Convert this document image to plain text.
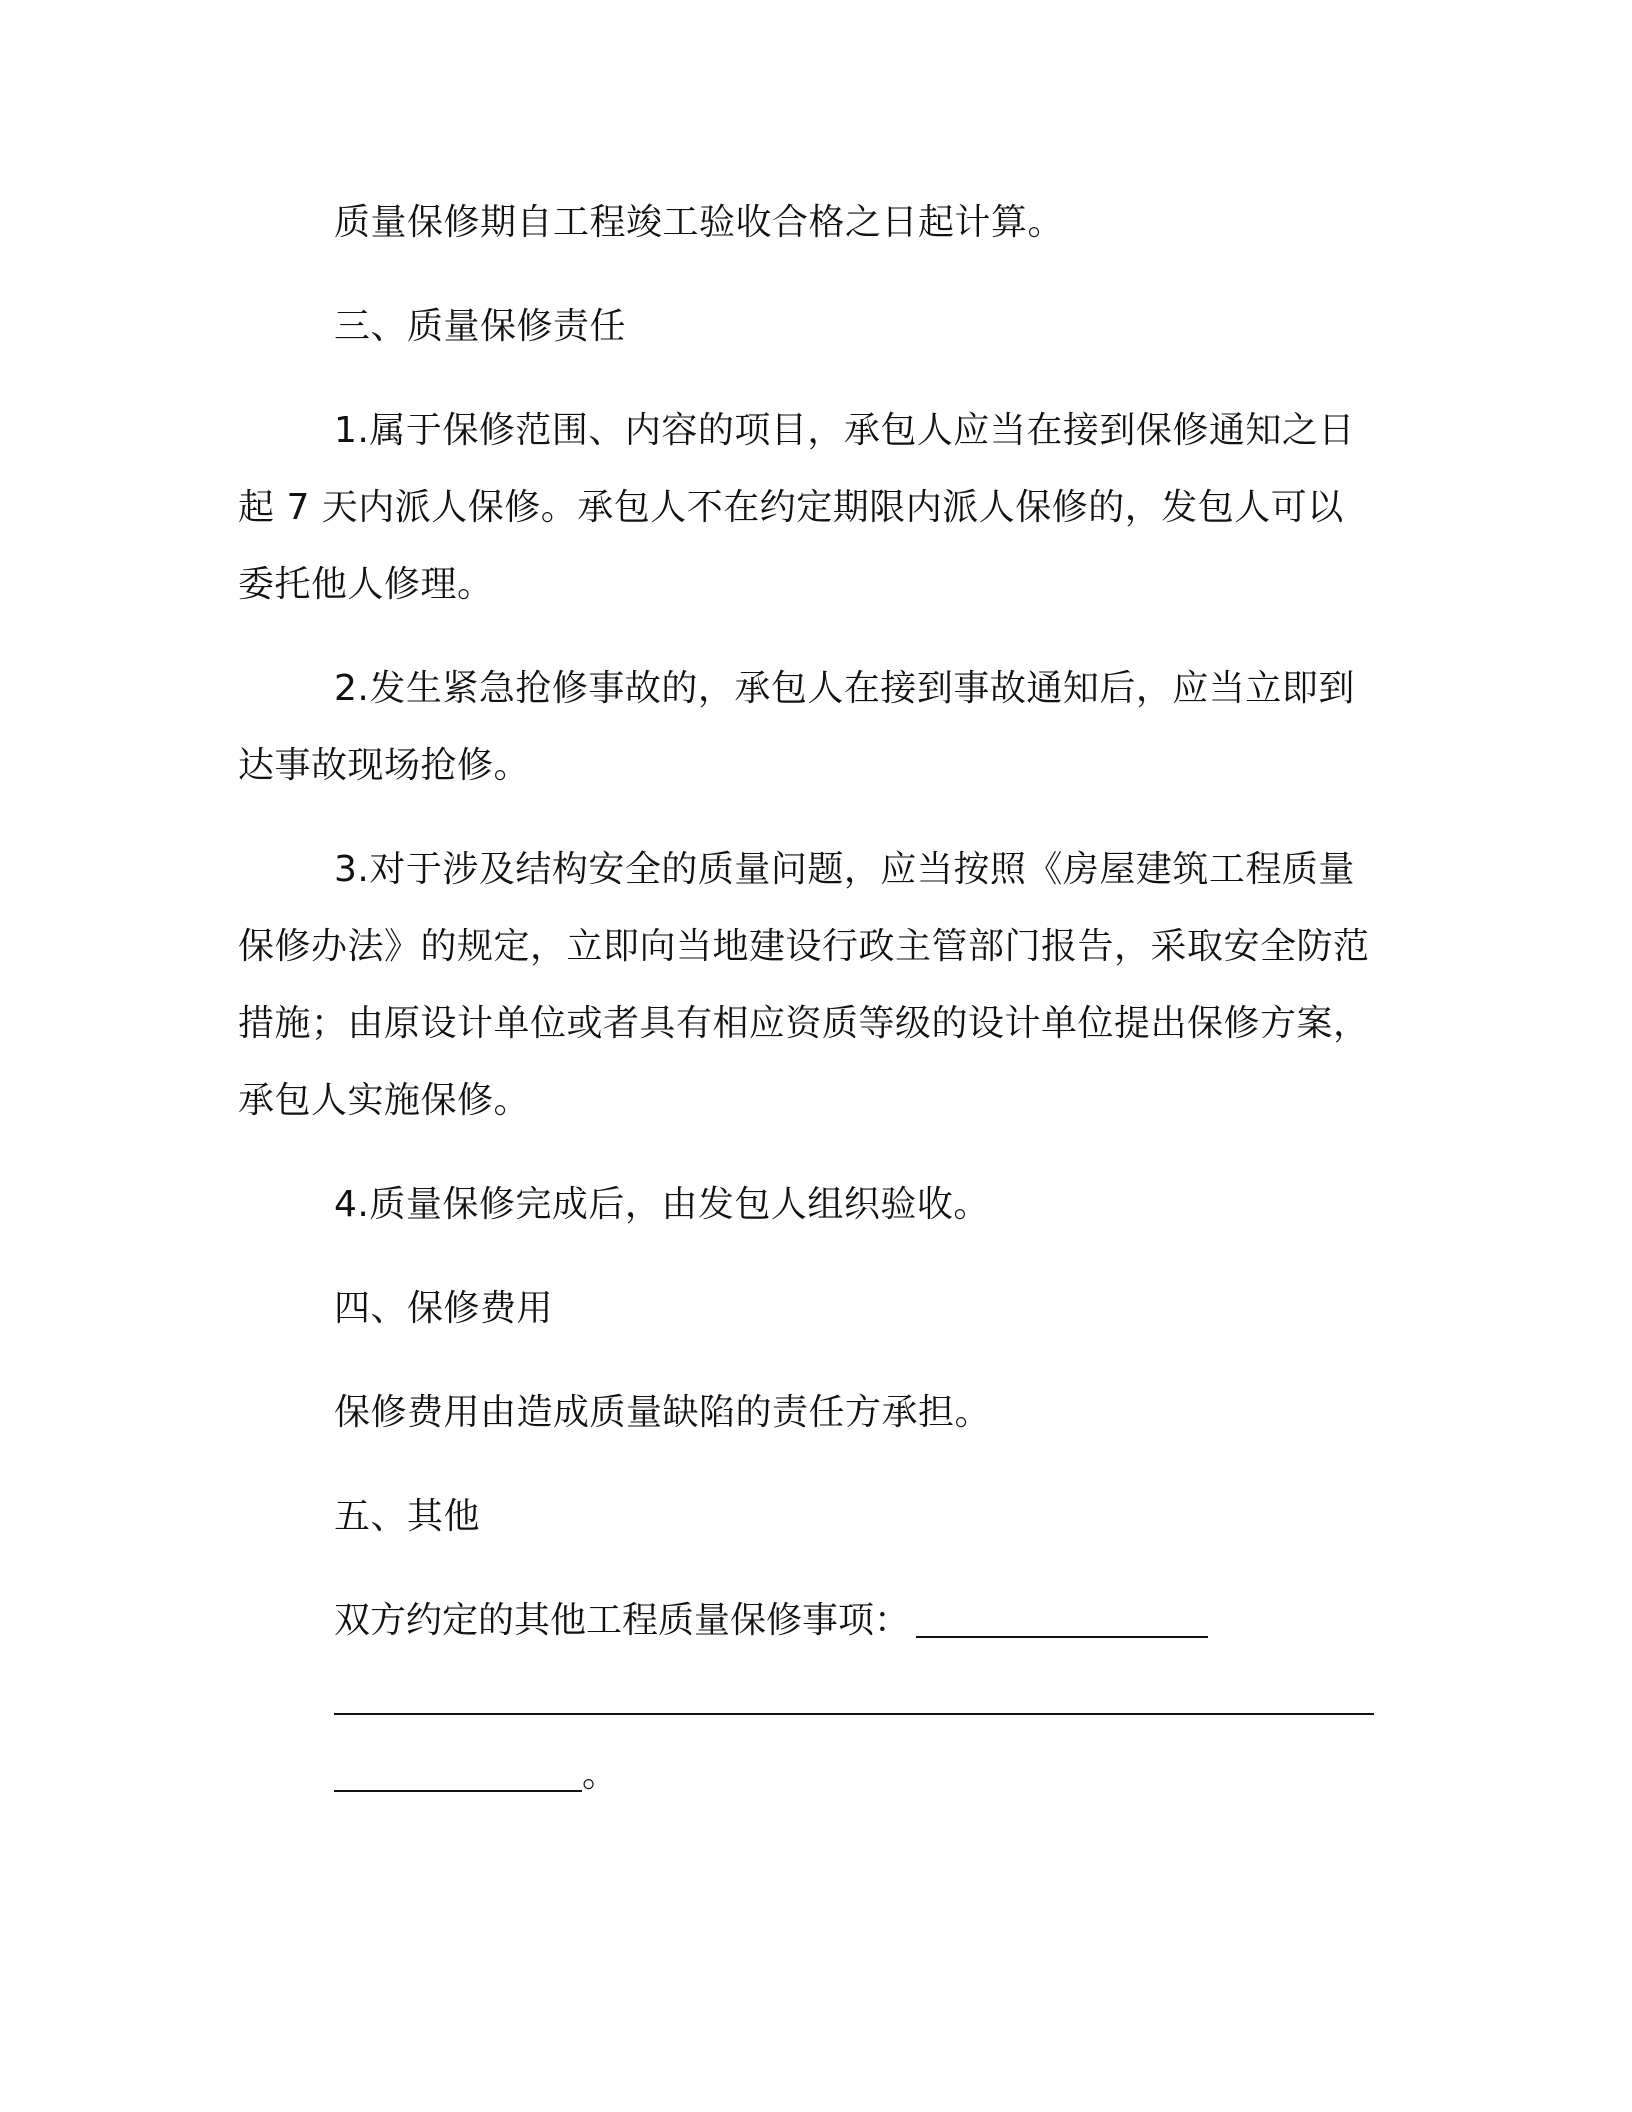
质量保修期自工程竣工验收合格之日起计算。

三、质量保修责任

1.属于保修范围、内容的项目，承包人应当在接到保修通知之日起 7 天内派人保修。承包人不在约定期限内派人保修的，发包人可以委托他人修理。

2.发生紧急抢修事故的，承包人在接到事故通知后，应当立即到达事故现场抢修。

3.对于涉及结构安全的质量问题，应当按照《房屋建筑工程质量保修办法》的规定，立即向当地建设行政主管部门报告，采取安全防范措施；由原设计单位或者具有相应资质等级的设计单位提出保修方案，承包人实施保修。

4.质量保修完成后，由发包人组织验收。

四、保修费用

保修费用由造成质量缺陷的责任方承担。

五、其他

双方约定的其他工程质量保修事项：

。
